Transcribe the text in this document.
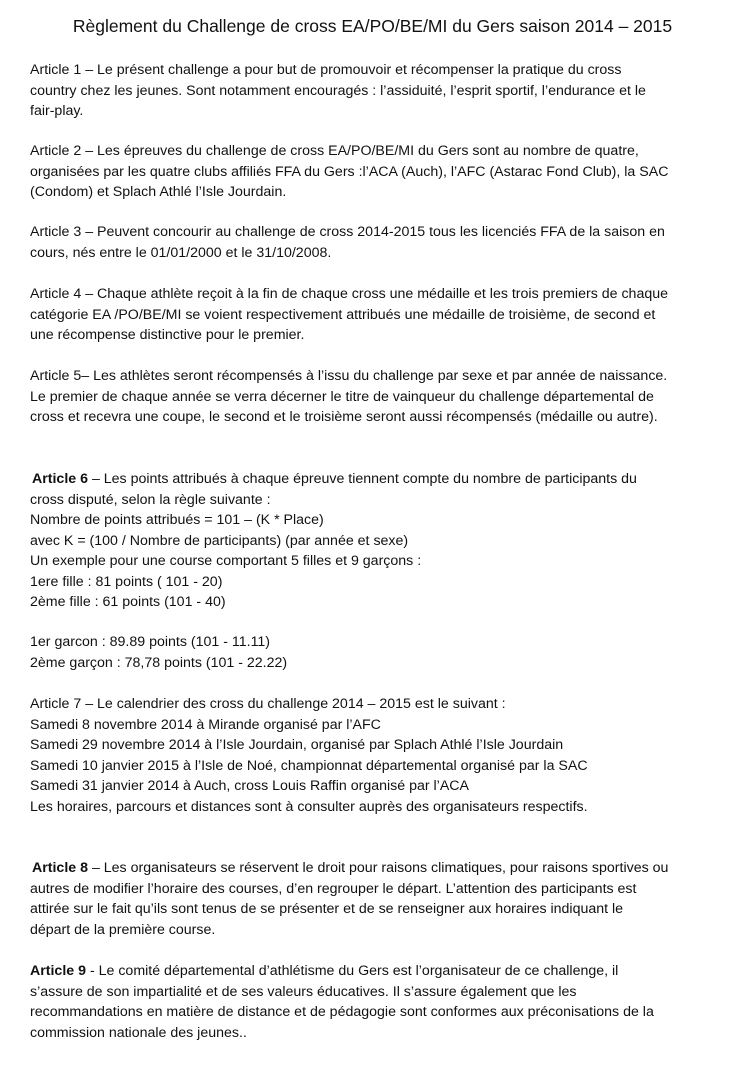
Règlement du Challenge de cross EA/PO/BE/MI du Gers saison 2014 – 2015
Article 1 – Le présent challenge a pour but de promouvoir et récompenser la pratique du cross
country chez les jeunes. Sont notamment encouragés : l’assiduité, l’esprit sportif, l’endurance et le
fair-play.
Article 2 – Les épreuves du challenge de cross EA/PO/BE/MI du Gers sont au nombre de quatre,
organisées par les quatre clubs affiliés FFA du Gers :l’ACA (Auch), l’AFC (Astarac Fond Club), la SAC
(Condom) et Splach Athlé l’Isle Jourdain.
Article 3 – Peuvent concourir au challenge de cross 2014-2015 tous les licenciés FFA de la saison en
cours, nés entre le 01/01/2000 et le 31/10/2008.
Article 4 – Chaque athlète reçoit à la fin de chaque cross une médaille et les trois premiers de chaque
catégorie EA /PO/BE/MI se voient respectivement attribués une médaille de troisième, de second et
une récompense distinctive pour le premier.
Article 5– Les athlètes seront récompensés à l’issu du challenge par sexe et par année de naissance.
Le premier de chaque année se verra décerner le titre de vainqueur du challenge départemental de
cross et recevra une coupe, le second et le troisième seront aussi récompensés (médaille ou autre).
Article 6 – Les points attribués à chaque épreuve tiennent compte du nombre de participants du
cross disputé, selon la règle suivante :
Nombre de points attribués = 101 – (K * Place)
avec K = (100 / Nombre de participants) (par année et sexe)
Un exemple pour une course comportant 5 filles et 9 garçons :
1ere fille : 81 points ( 101 - 20)
2ème fille : 61 points (101 - 40)
1er garcon : 89.89 points (101 - 11.11)
2ème garçon : 78,78 points (101 - 22.22)
Article 7 – Le calendrier des cross du challenge 2014 – 2015 est le suivant :
Samedi 8 novembre 2014 à Mirande organisé par l’AFC
Samedi 29 novembre 2014 à l’Isle Jourdain, organisé par Splach Athlé l’Isle Jourdain
Samedi 10 janvier 2015 à l’Isle de Noé, championnat départemental organisé par la SAC
Samedi 31 janvier 2014 à Auch, cross Louis Raffin organisé par l’ACA
Les horaires, parcours et distances sont à consulter auprès des organisateurs respectifs.
Article 8 – Les organisateurs se réservent le droit pour raisons climatiques, pour raisons sportives ou
autres de modifier l’horaire des courses, d’en regrouper le départ. L’attention des participants est
attirée sur le fait qu’ils sont tenus de se présenter et de se renseigner aux horaires indiquant le
départ de la première course.
Article 9 - Le comité départemental d’athlétisme du Gers est l’organisateur de ce challenge, il
s’assure de son impartialité et de ses valeurs éducatives. Il s’assure également que les
recommandations en matière de distance et de pédagogie sont conformes aux préconisations de la
commission nationale des jeunes..
